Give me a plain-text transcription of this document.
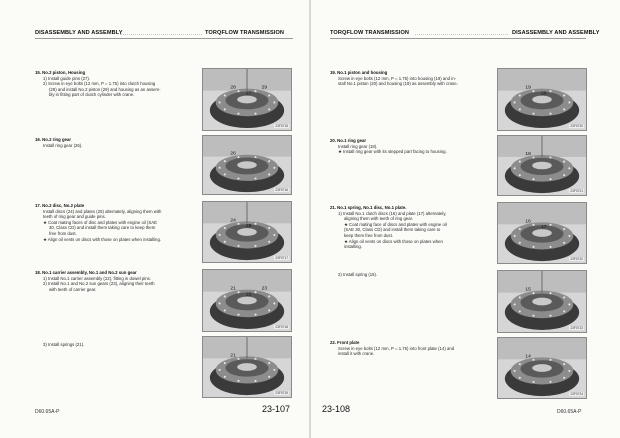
DISASSEMBLY AND ASSEMBLY	TORQFLOW TRANSMISSION	TORQFLOW TRANSMISSION	DISASSEMBLY AND ASSEMBLY
15. No.2 piston, Housing
1) Install guide pins (27).
2) Screw in eye bolts (12 mm, P = 1.75) into clutch housing
(28) and install No.2 piston (29) and housing as an assem-
bly in fitting part of clutch cylinder with crane.
16. No.2 ring gear
Install ring gear (26).
17. No.2 disc, No.2 plate
Install discs (24) and plates (25) alternately, aligning them with
teeth of ring gear and guide pins.
★ Coat mating faces of disc and plates with engine oil (SAE
30, Class CD) and install them taking care to keep them
free from dust.
★ Align oil vents on discs with those on plates when installing.
18. No.1 carrier assembly, No.1 and No.2 sun gear
1) Install No.1 carrier assembly (22), fitting in dowel pins.
2) Install No.1 and No.2 sun gears (23), aligning their teeth
with teeth of carrier gear.
3) Install springs (21).
19. No.1 piston and housing
Screw in eye bolts (12 mm, P = 1.75) into housing (19) and in-
stall No.1 piston (20) and housing (19) as assembly with crane.
20. No.1 ring gear
Install ring gear (18).
★ Install ring gear with its stepped part facing to housing.
21. No.1 spring, No.1 disc, No.1 plate.
1) Install No.1 clutch discs (16) and plate (17) alternately,
aligning them with teeth of ring gear.
★ Coat mating face of discs and plates with engine oil
(SAE 30, Class CD) and install them taking care to
keep them free from dust.
★ Align oil vents on discs with those on plates when
installing.
2) Install spring (15).
22. Front plate
Screw in eye bolts (12 mm, P = 1.75) into front plate (14) and
install it with crane.
28
27
29
23F0715
26
23F0716
24
25
23F0717
21
22
23
23F0718
21
23F0719
19
20
23F0720
18
23F0721
16
17
23F0722
15
23F0723
14
23F0724
D60.65A-P	23-107	23-108	D60.65A-P
